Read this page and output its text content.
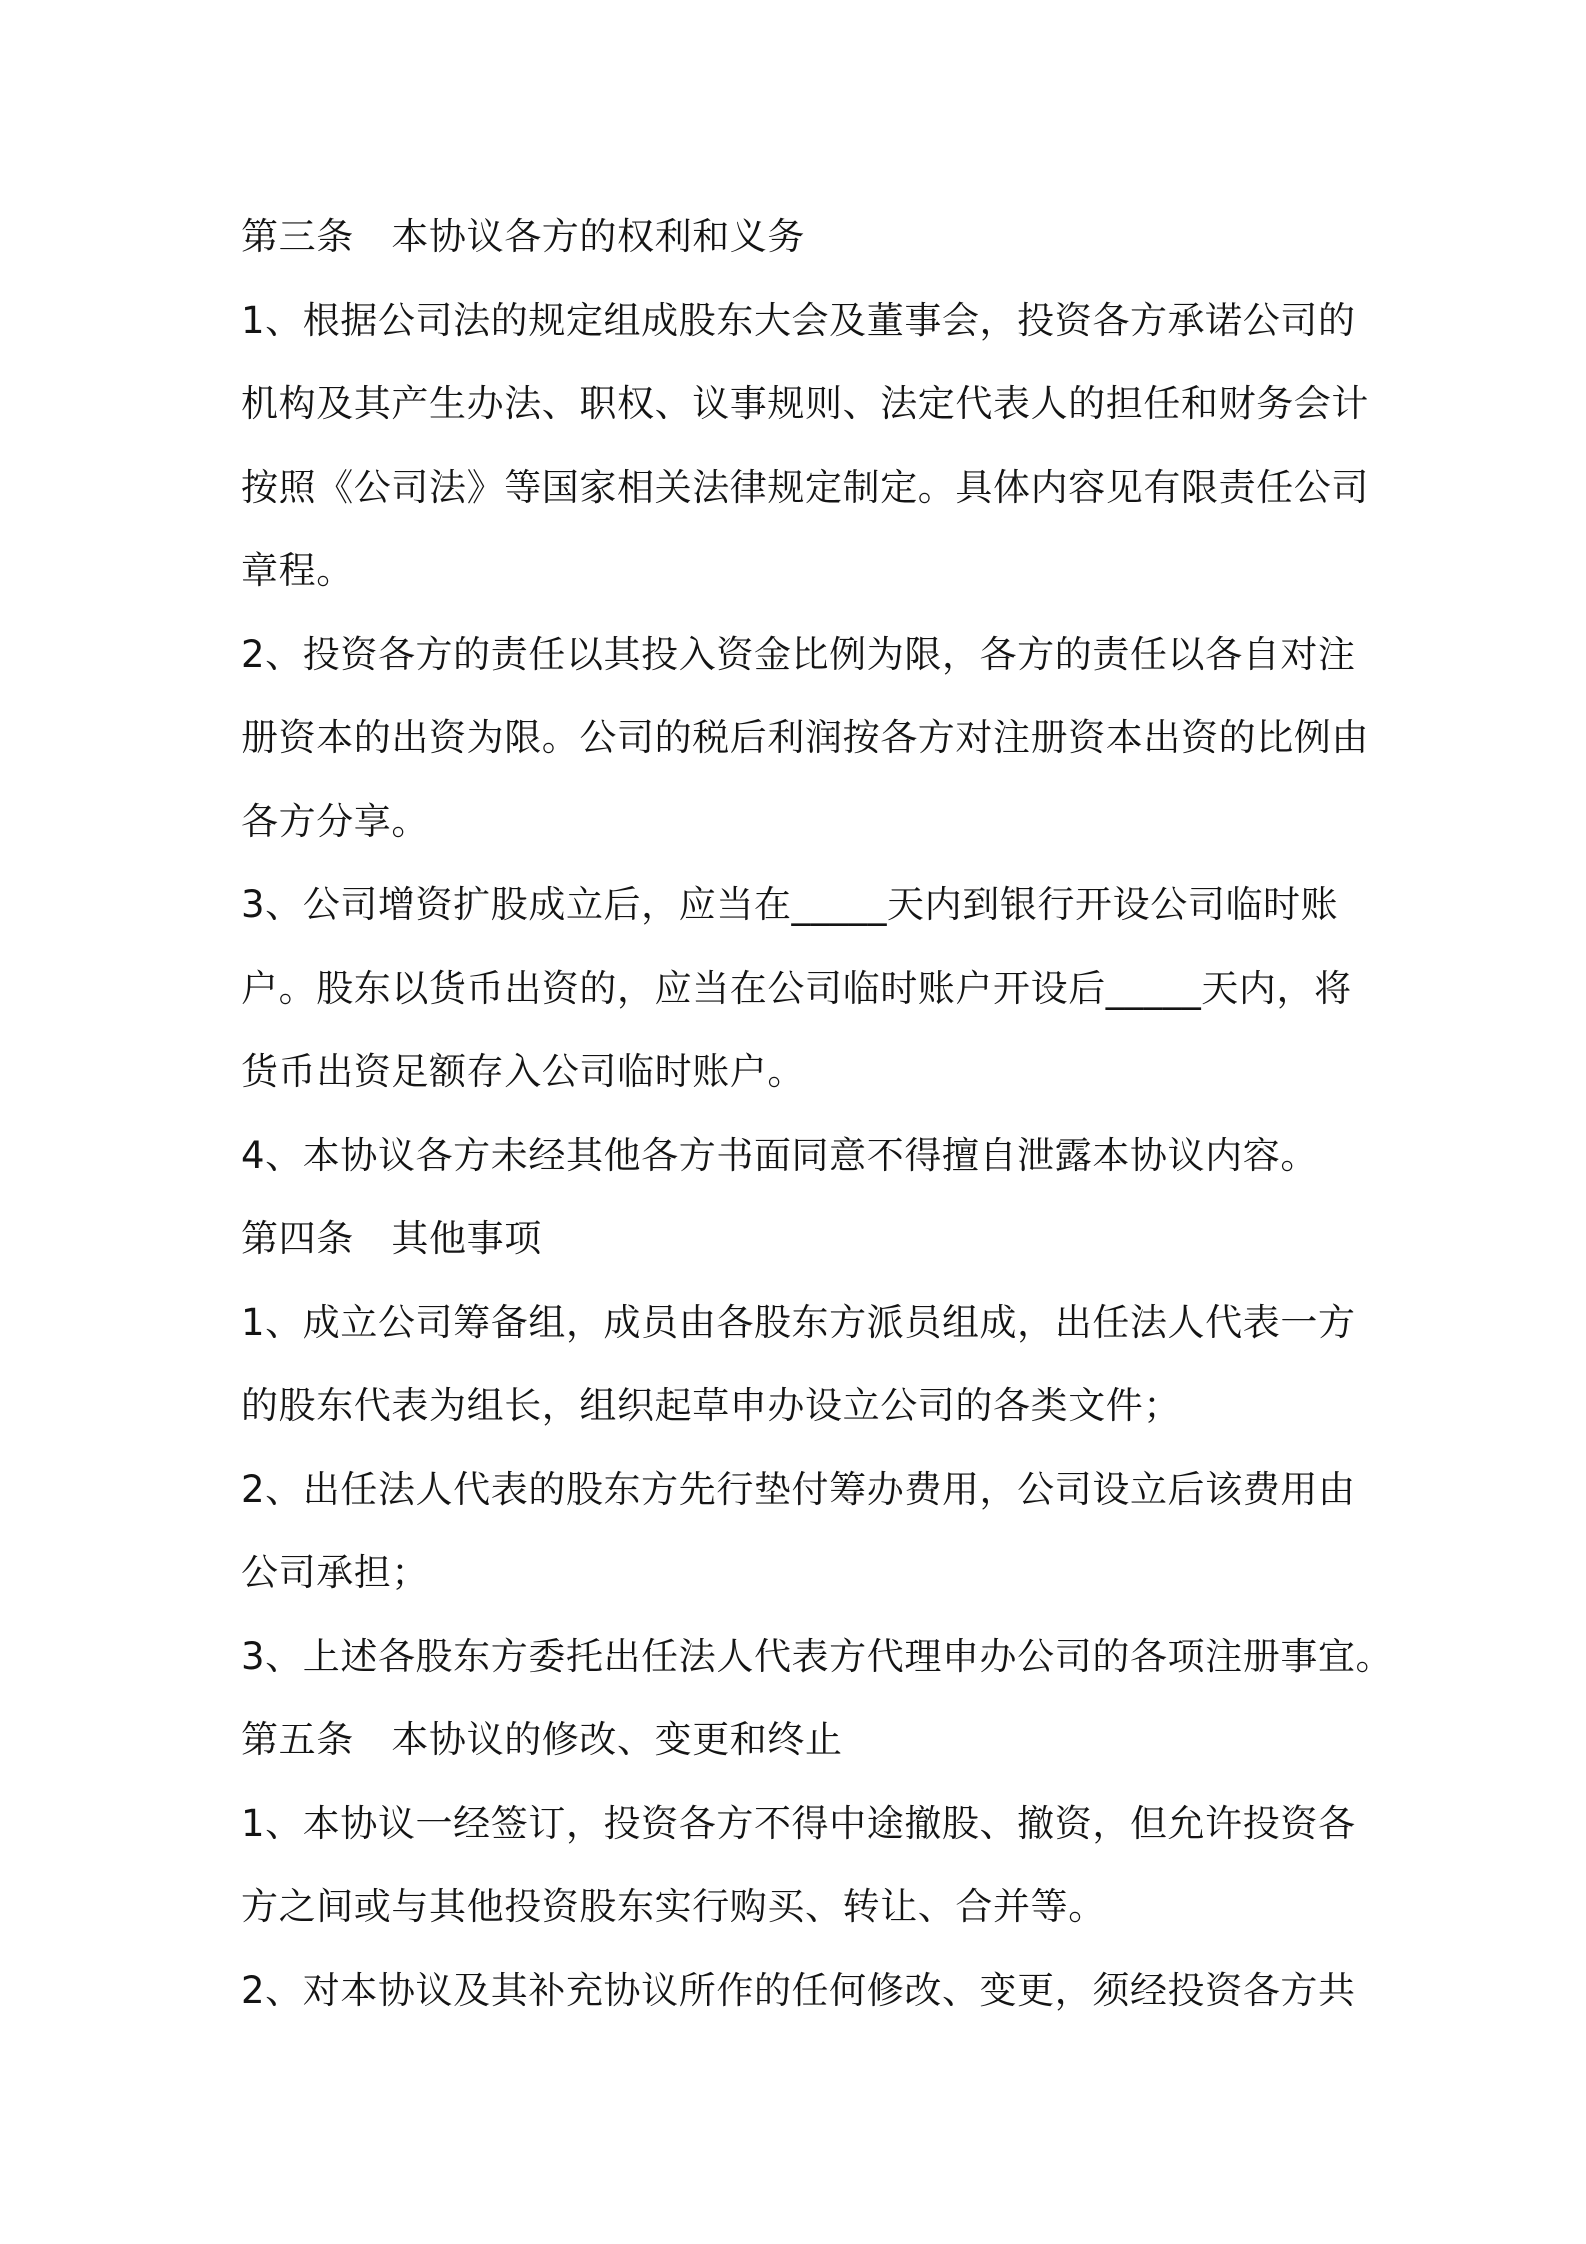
第三条　本协议各方的权利和义务

1、根据公司法的规定组成股东大会及董事会，投资各方承诺公司的

机构及其产生办法、职权、议事规则、法定代表人的担任和财务会计

按照《公司法》等国家相关法律规定制定。具体内容见有限责任公司

章程。

2、投资各方的责任以其投入资金比例为限，各方的责任以各自对注

册资本的出资为限。公司的税后利润按各方对注册资本出资的比例由

各方分享。

3、公司增资扩股成立后，应当在_____天内到银行开设公司临时账

户。股东以货币出资的，应当在公司临时账户开设后_____天内，将

货币出资足额存入公司临时账户。

4、本协议各方未经其他各方书面同意不得擅自泄露本协议内容。

第四条　其他事项

1、成立公司筹备组，成员由各股东方派员组成，出任法人代表一方

的股东代表为组长，组织起草申办设立公司的各类文件；

2、出任法人代表的股东方先行垫付筹办费用，公司设立后该费用由

公司承担；

3、上述各股东方委托出任法人代表方代理申办公司的各项注册事宜。

第五条　本协议的修改、变更和终止

1、本协议一经签订，投资各方不得中途撤股、撤资，但允许投资各

方之间或与其他投资股东实行购买、转让、合并等。

2、对本协议及其补充协议所作的任何修改、变更，须经投资各方共
